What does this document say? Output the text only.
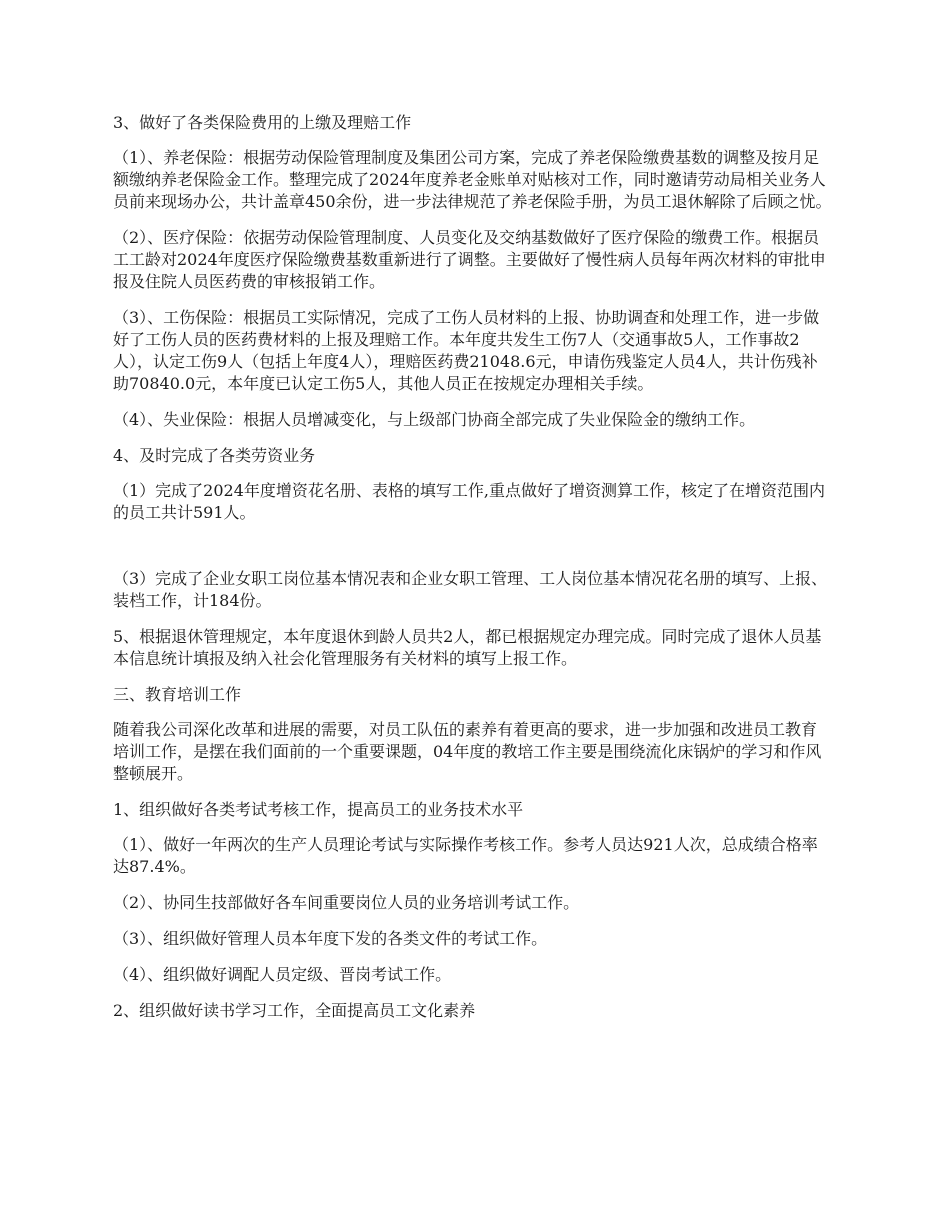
3、做好了各类保险费用的上缴及理赔工作

（1）、养老保险：根据劳动保险管理制度及集团公司方案，完成了养老保险缴费基数的调整及按月足额缴纳养老保险金工作。整理完成了2024年度养老金账单对贴核对工作，同时邀请劳动局相关业务人员前来现场办公，共计盖章450余份，进一步法律规范了养老保险手册，为员工退休解除了后顾之忧。

（2）、医疗保险：依据劳动保险管理制度、人员变化及交纳基数做好了医疗保险的缴费工作。根据员工工龄对2024年度医疗保险缴费基数重新进行了调整。主要做好了慢性病人员每年两次材料的审批申报及住院人员医药费的审核报销工作。

（3）、工伤保险：根据员工实际情况，完成了工伤人员材料的上报、协助调查和处理工作，进一步做好了工伤人员的医药费材料的上报及理赔工作。本年度共发生工伤7人（交通事故5人，工作事故2人），认定工伤9人（包括上年度4人），理赔医药费21048.6元，申请伤残鉴定人员4人，共计伤残补助70840.0元，本年度已认定工伤5人，其他人员正在按规定办理相关手续。

（4）、失业保险：根据人员增减变化，与上级部门协商全部完成了失业保险金的缴纳工作。

4、及时完成了各类劳资业务

（1）完成了2024年度增资花名册、表格的填写工作,重点做好了增资测算工作，核定了在增资范围内的员工共计591人。

（3）完成了企业女职工岗位基本情况表和企业女职工管理、工人岗位基本情况花名册的填写、上报、装档工作，计184份。

5、根据退休管理规定，本年度退休到龄人员共2人，都已根据规定办理完成。同时完成了退休人员基本信息统计填报及纳入社会化管理服务有关材料的填写上报工作。

三、教育培训工作

随着我公司深化改革和进展的需要，对员工队伍的素养有着更高的要求，进一步加强和改进员工教育培训工作，是摆在我们面前的一个重要课题，04年度的教培工作主要是围绕流化床锅炉的学习和作风整顿展开。

1、组织做好各类考试考核工作，提高员工的业务技术水平

（1）、做好一年两次的生产人员理论考试与实际操作考核工作。参考人员达921人次，总成绩合格率达87.4%。

（2）、协同生技部做好各车间重要岗位人员的业务培训考试工作。

（3）、组织做好管理人员本年度下发的各类文件的考试工作。

（4）、组织做好调配人员定级、晋岗考试工作。

2、组织做好读书学习工作，全面提高员工文化素养
